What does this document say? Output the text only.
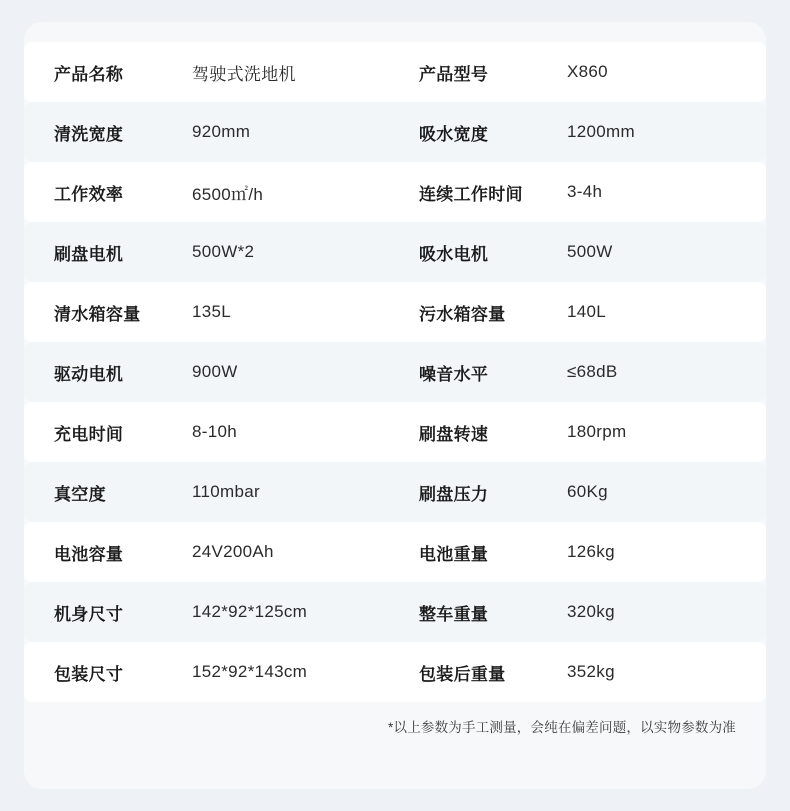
产品名称	驾驶式洗地机	产品型号	X860
清洗宽度	920mm	吸水宽度	1200mm
工作效率	6500㎡/h	连续工作时间	3-4h
刷盘电机	500W*2	吸水电机	500W
清水箱容量	135L	污水箱容量	140L
驱动电机	900W	噪音水平	≤68dB
充电时间	8-10h	刷盘转速	180rpm
真空度	110mbar	刷盘压力	60Kg
电池容量	24V200Ah	电池重量	126kg
机身尺寸	142*92*125cm	整车重量	320kg
包装尺寸	152*92*143cm	包装后重量	352kg
*以上参数为手工测量，会纯在偏差问题，以实物参数为准
